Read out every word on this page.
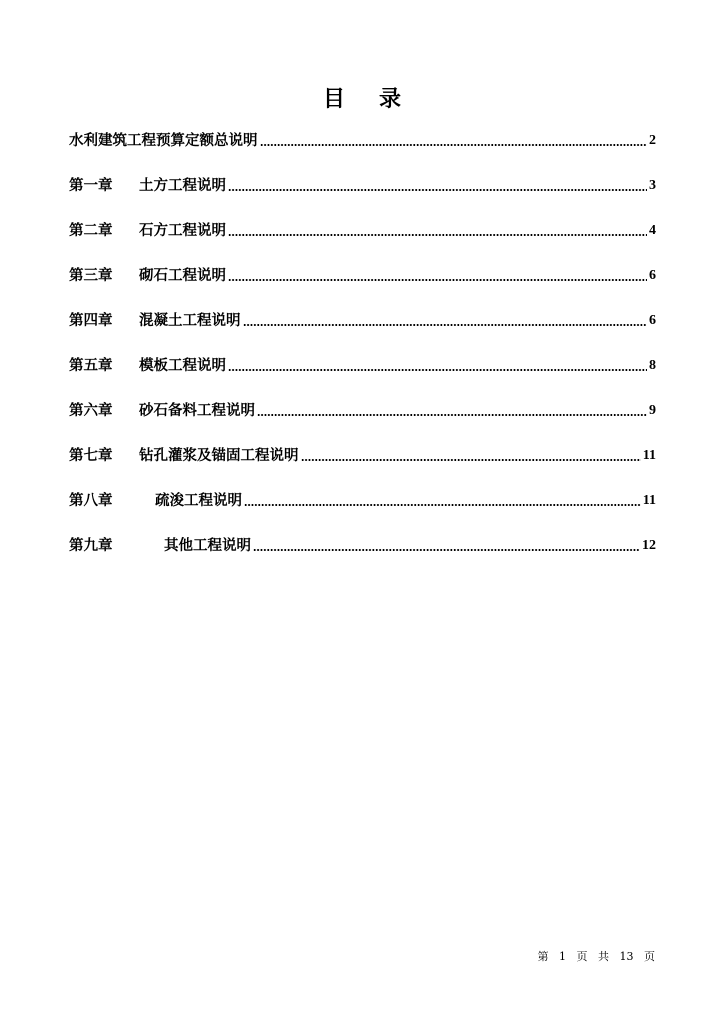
目 录
水利建筑工程预算定额总说明	2
第一章	土方工程说明	3
第二章	石方工程说明	4
第三章	砌石工程说明	6
第四章	混凝土工程说明	6
第五章	模板工程说明	8
第六章	砂石备料工程说明	9
第七章	钻孔灌浆及锚固工程说明	11
第八章	疏浚工程说明	11
第九章	其他工程说明	12
第 1 页 共 13 页
